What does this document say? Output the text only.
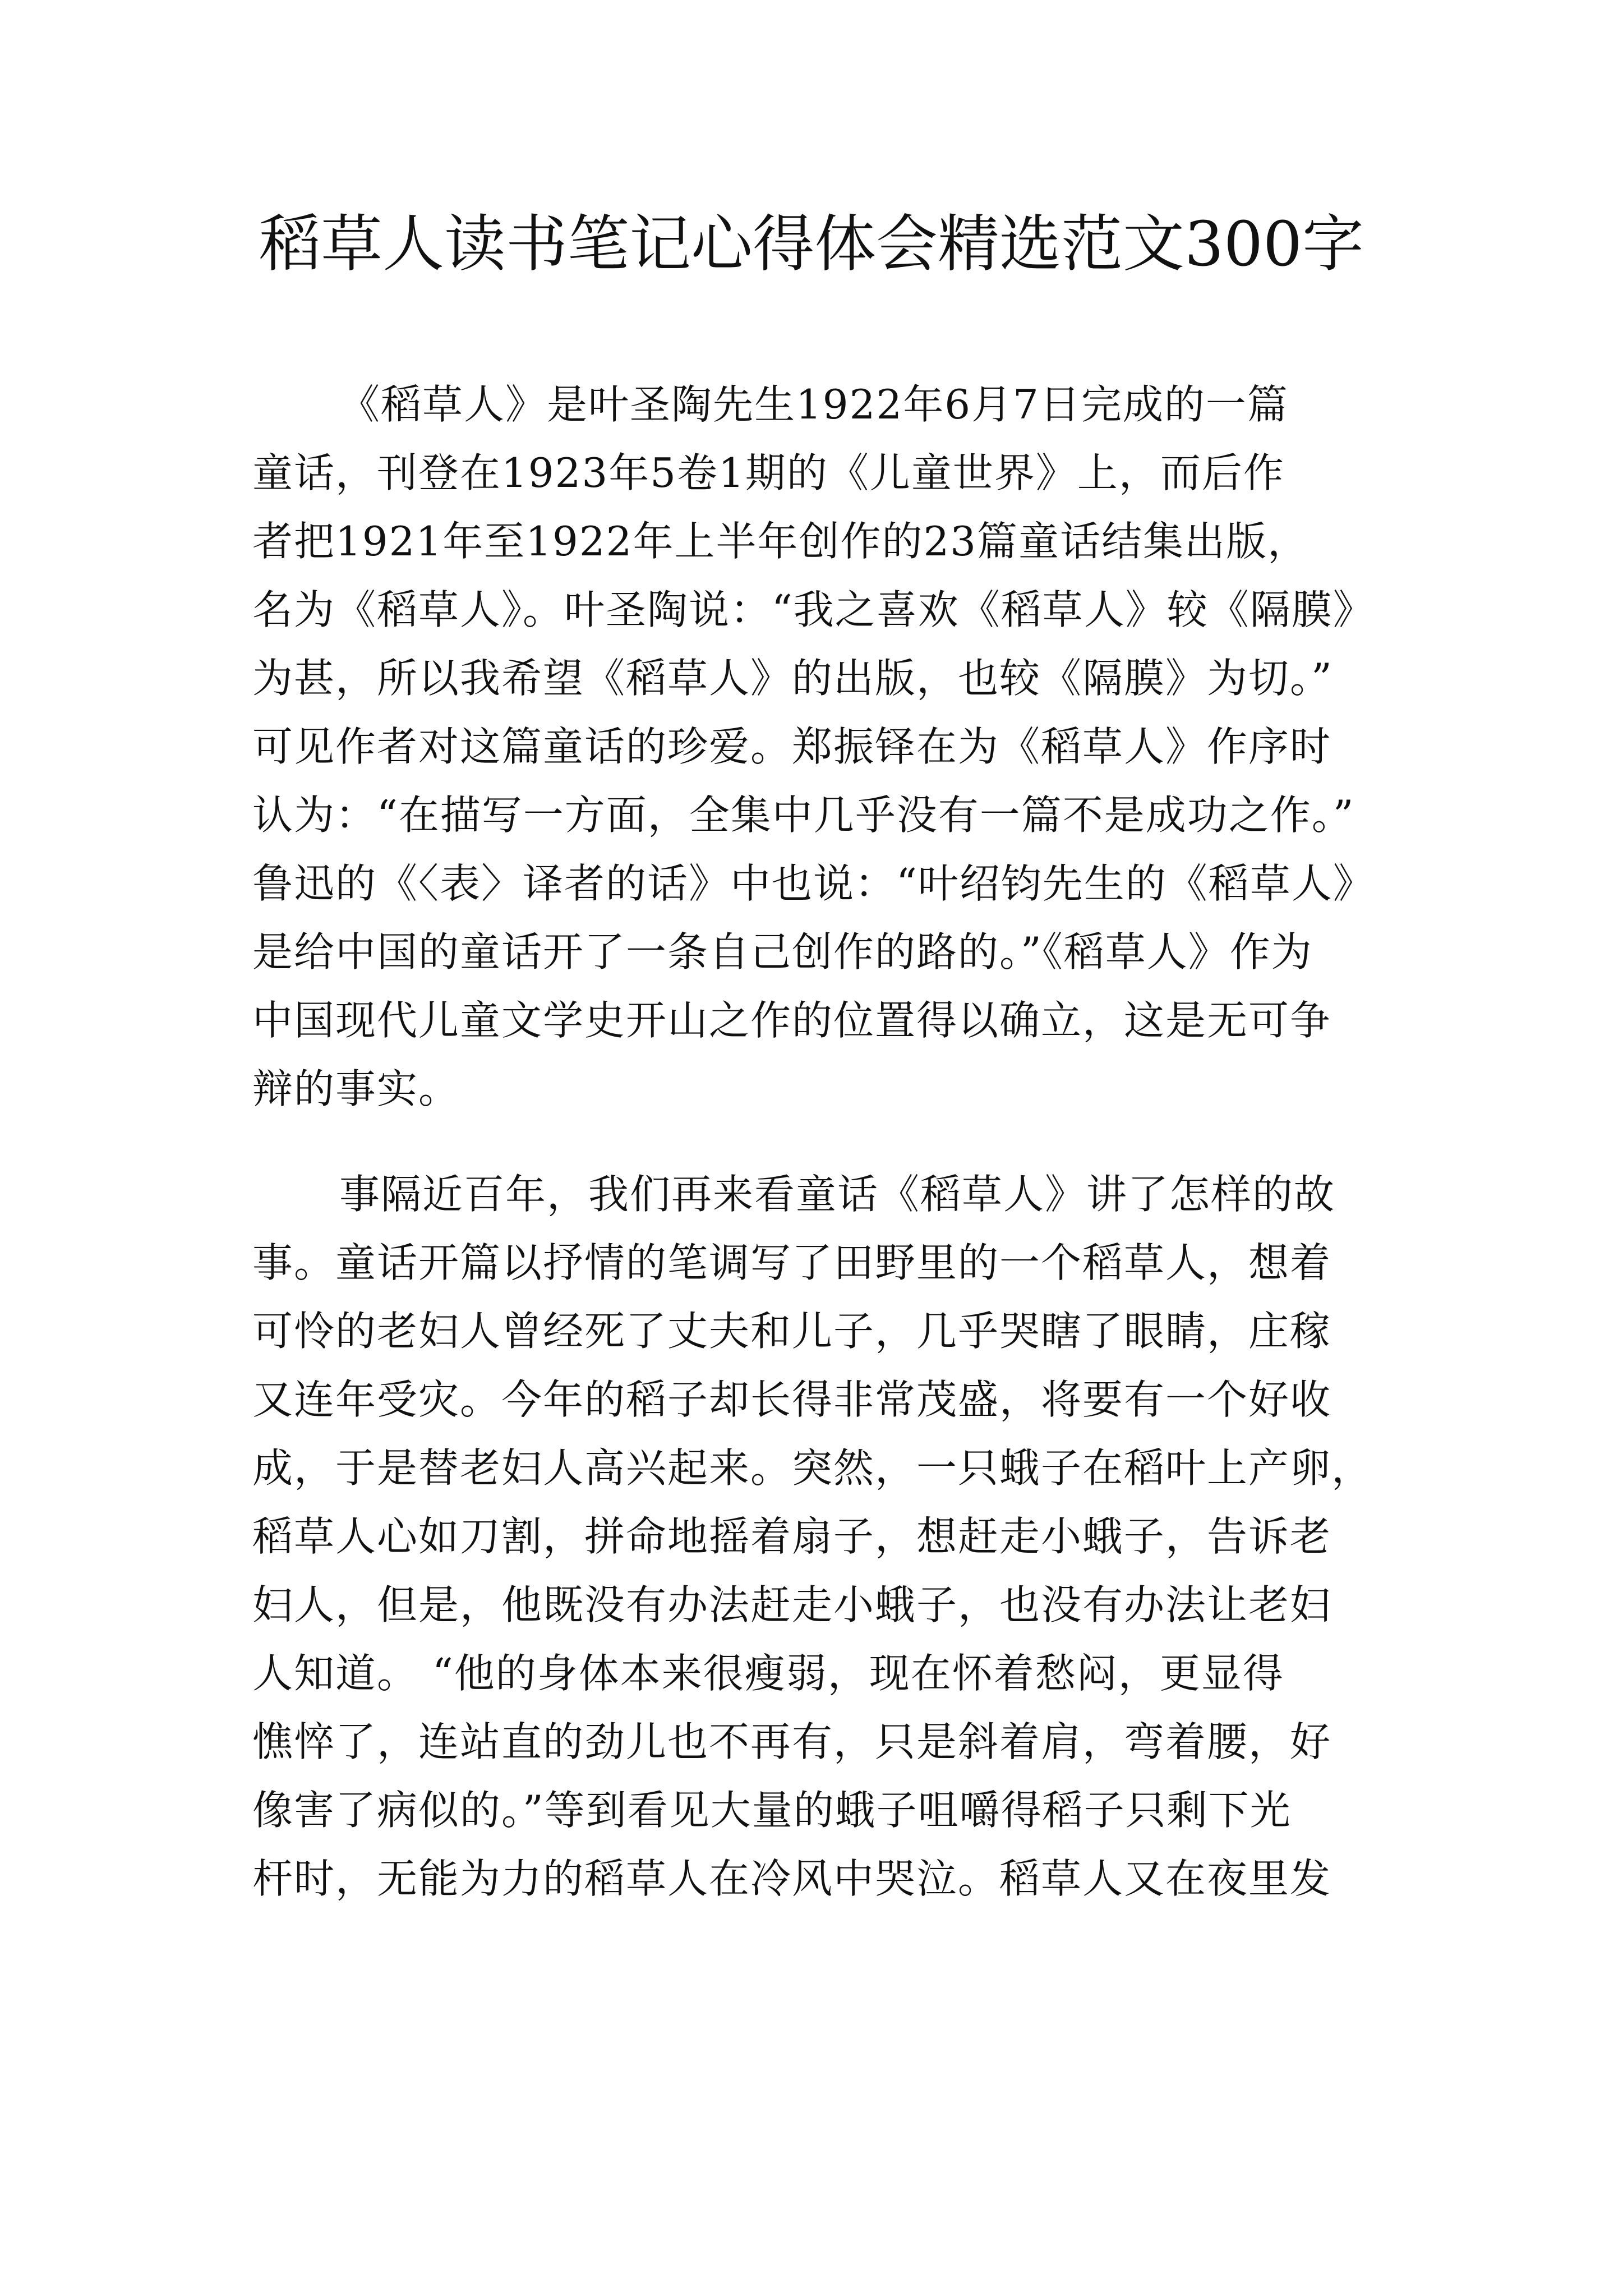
稻草人读书笔记心得体会精选范文300字
《稻草人》是叶圣陶先生1922年6月7日完成的一篇
童话，刊登在1923年5卷1期的《儿童世界》上，而后作
者把1921年至1922年上半年创作的23篇童话结集出版，
名为《稻草人》。叶圣陶说：“我之喜欢《稻草人》较《隔膜》
为甚，所以我希望《稻草人》的出版，也较《隔膜》为切。”
可见作者对这篇童话的珍爱。郑振铎在为《稻草人》作序时
认为：“在描写一方面，全集中几乎没有一篇不是成功之作。”
鲁迅的《〈表〉译者的话》中也说：“叶绍钧先生的《稻草人》
是给中国的童话开了一条自己创作的路的。”《稻草人》作为
中国现代儿童文学史开山之作的位置得以确立，这是无可争
辩的事实。
事隔近百年，我们再来看童话《稻草人》讲了怎样的故
事。童话开篇以抒情的笔调写了田野里的一个稻草人，想着
可怜的老妇人曾经死了丈夫和儿子，几乎哭瞎了眼睛，庄稼
又连年受灾。今年的稻子却长得非常茂盛，将要有一个好收
成，于是替老妇人高兴起来。突然，一只蛾子在稻叶上产卵，
稻草人心如刀割，拼命地摇着扇子，想赶走小蛾子，告诉老
妇人，但是，他既没有办法赶走小蛾子，也没有办法让老妇
人知道。 “他的身体本来很瘦弱，现在怀着愁闷，更显得
憔悴了，连站直的劲儿也不再有，只是斜着肩，弯着腰，好
像害了病似的。”等到看见大量的蛾子咀嚼得稻子只剩下光
杆时，无能为力的稻草人在冷风中哭泣。稻草人又在夜里发
